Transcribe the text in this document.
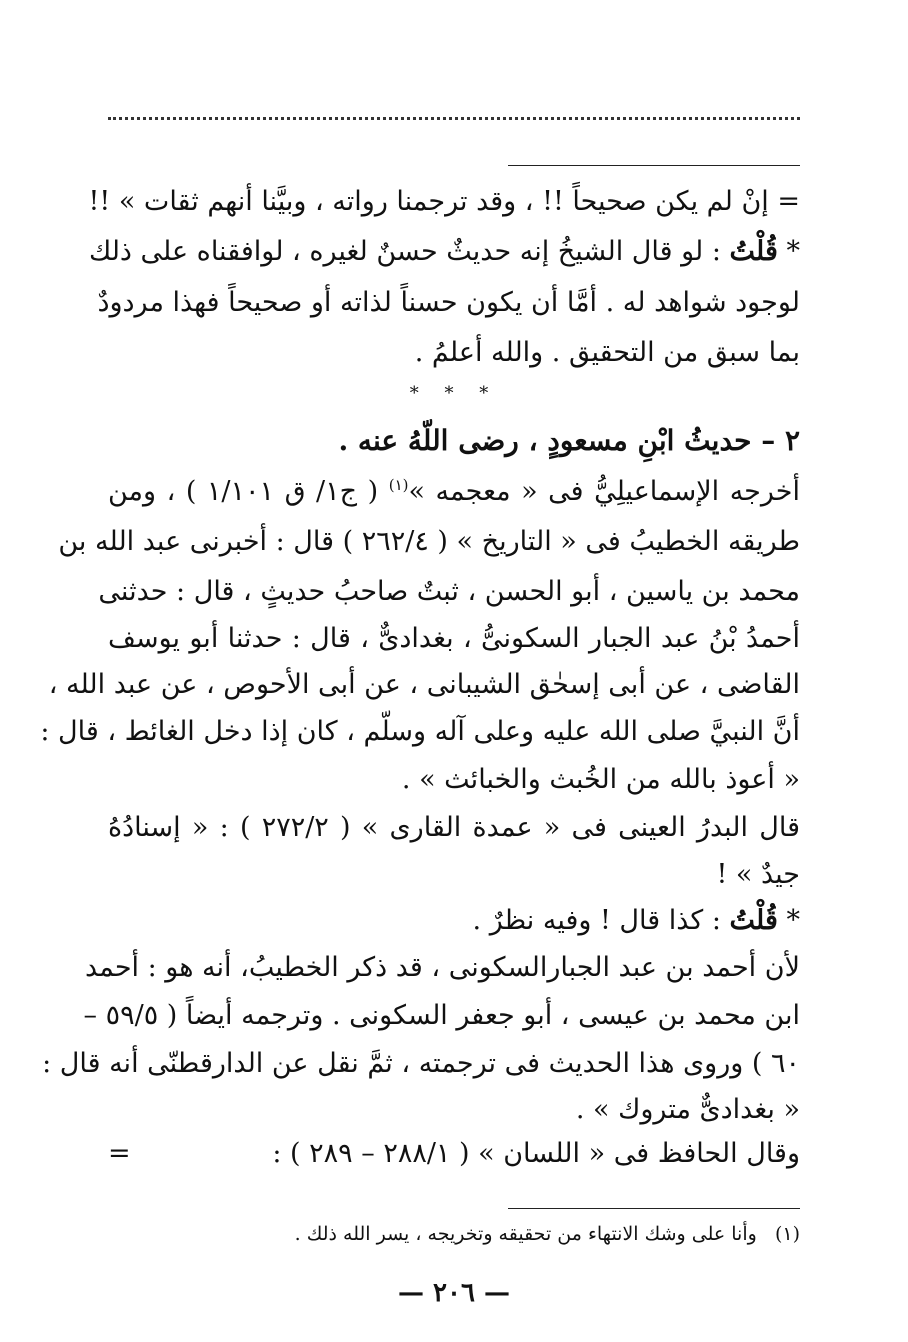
= إنْ لم يكن صحيحاً !! ، وقد ترجمنا رواته ، وبيَّنا أنهم ثقات » !!
* قُلْتُ : لو قال الشيخُ إنه حديثٌ حسنٌ لغيره ، لوافقناه على ذلك
لوجود شواهد له . أمَّا أن يكون حسناً لذاته أو صحيحاً فهذا مردودٌ
بما سبق من التحقيق . والله أعلمُ .
* * *
٢ – حديثُ ابْنِ مسعودٍ ، رضى اللّهُ عنه .
أخرجه الإسماعيلِيُّ فى « معجمه »$^{(١)}$ ( ج١/ ق ١/١٠١ ) ، ومن
طريقه الخطيبُ فى « التاريخ » ( ٢٦٢/٤ ) قال : أخبرنى عبد الله بن
محمد بن ياسين ، أبو الحسن ، ثبتٌ صاحبُ حديثٍ ، قال : حدثنى
أحمدُ بْنُ عبد الجبار السكونىُّ ، بغدادىٌّ ، قال : حدثنا أبو يوسف
القاضى ، عن أبى إسحٰق الشيبانى ، عن أبى الأحوص ، عن عبد الله ،
أنَّ النبيَّ صلى الله عليه وعلى آله وسلّم ، كان إذا دخل الغائط ، قال :
« أعوذ بالله من الخُبث والخبائث » .
قال البدرُ العينى فى « عمدة القارى » ( ٢٧٢/٢ ) : « إسنادُهُ
جيدٌ » !
* قُلْتُ : كذا قال ! وفيه نظرٌ .
لأن أحمد بن عبد الجبارالسكونى ، قد ذكر الخطيبُ، أنه هو : أحمد
ابن محمد بن عيسى ، أبو جعفر السكونى . وترجمه أيضاً ( ٥٩/٥ –
٦٠ ) وروى هذا الحديث فى ترجمته ، ثمَّ نقل عن الدارقطنّى أنه قال :
« بغدادىٌّ متروك » .
وقال الحافظ فى « اللسان » ( ٢٨٨/١ – ٢٨٩ ) :
=
(١)   وأنا على وشك الانتهاء من تحقيقه وتخريجه ، يسر الله ذلك .
— ٢٠٦ —
